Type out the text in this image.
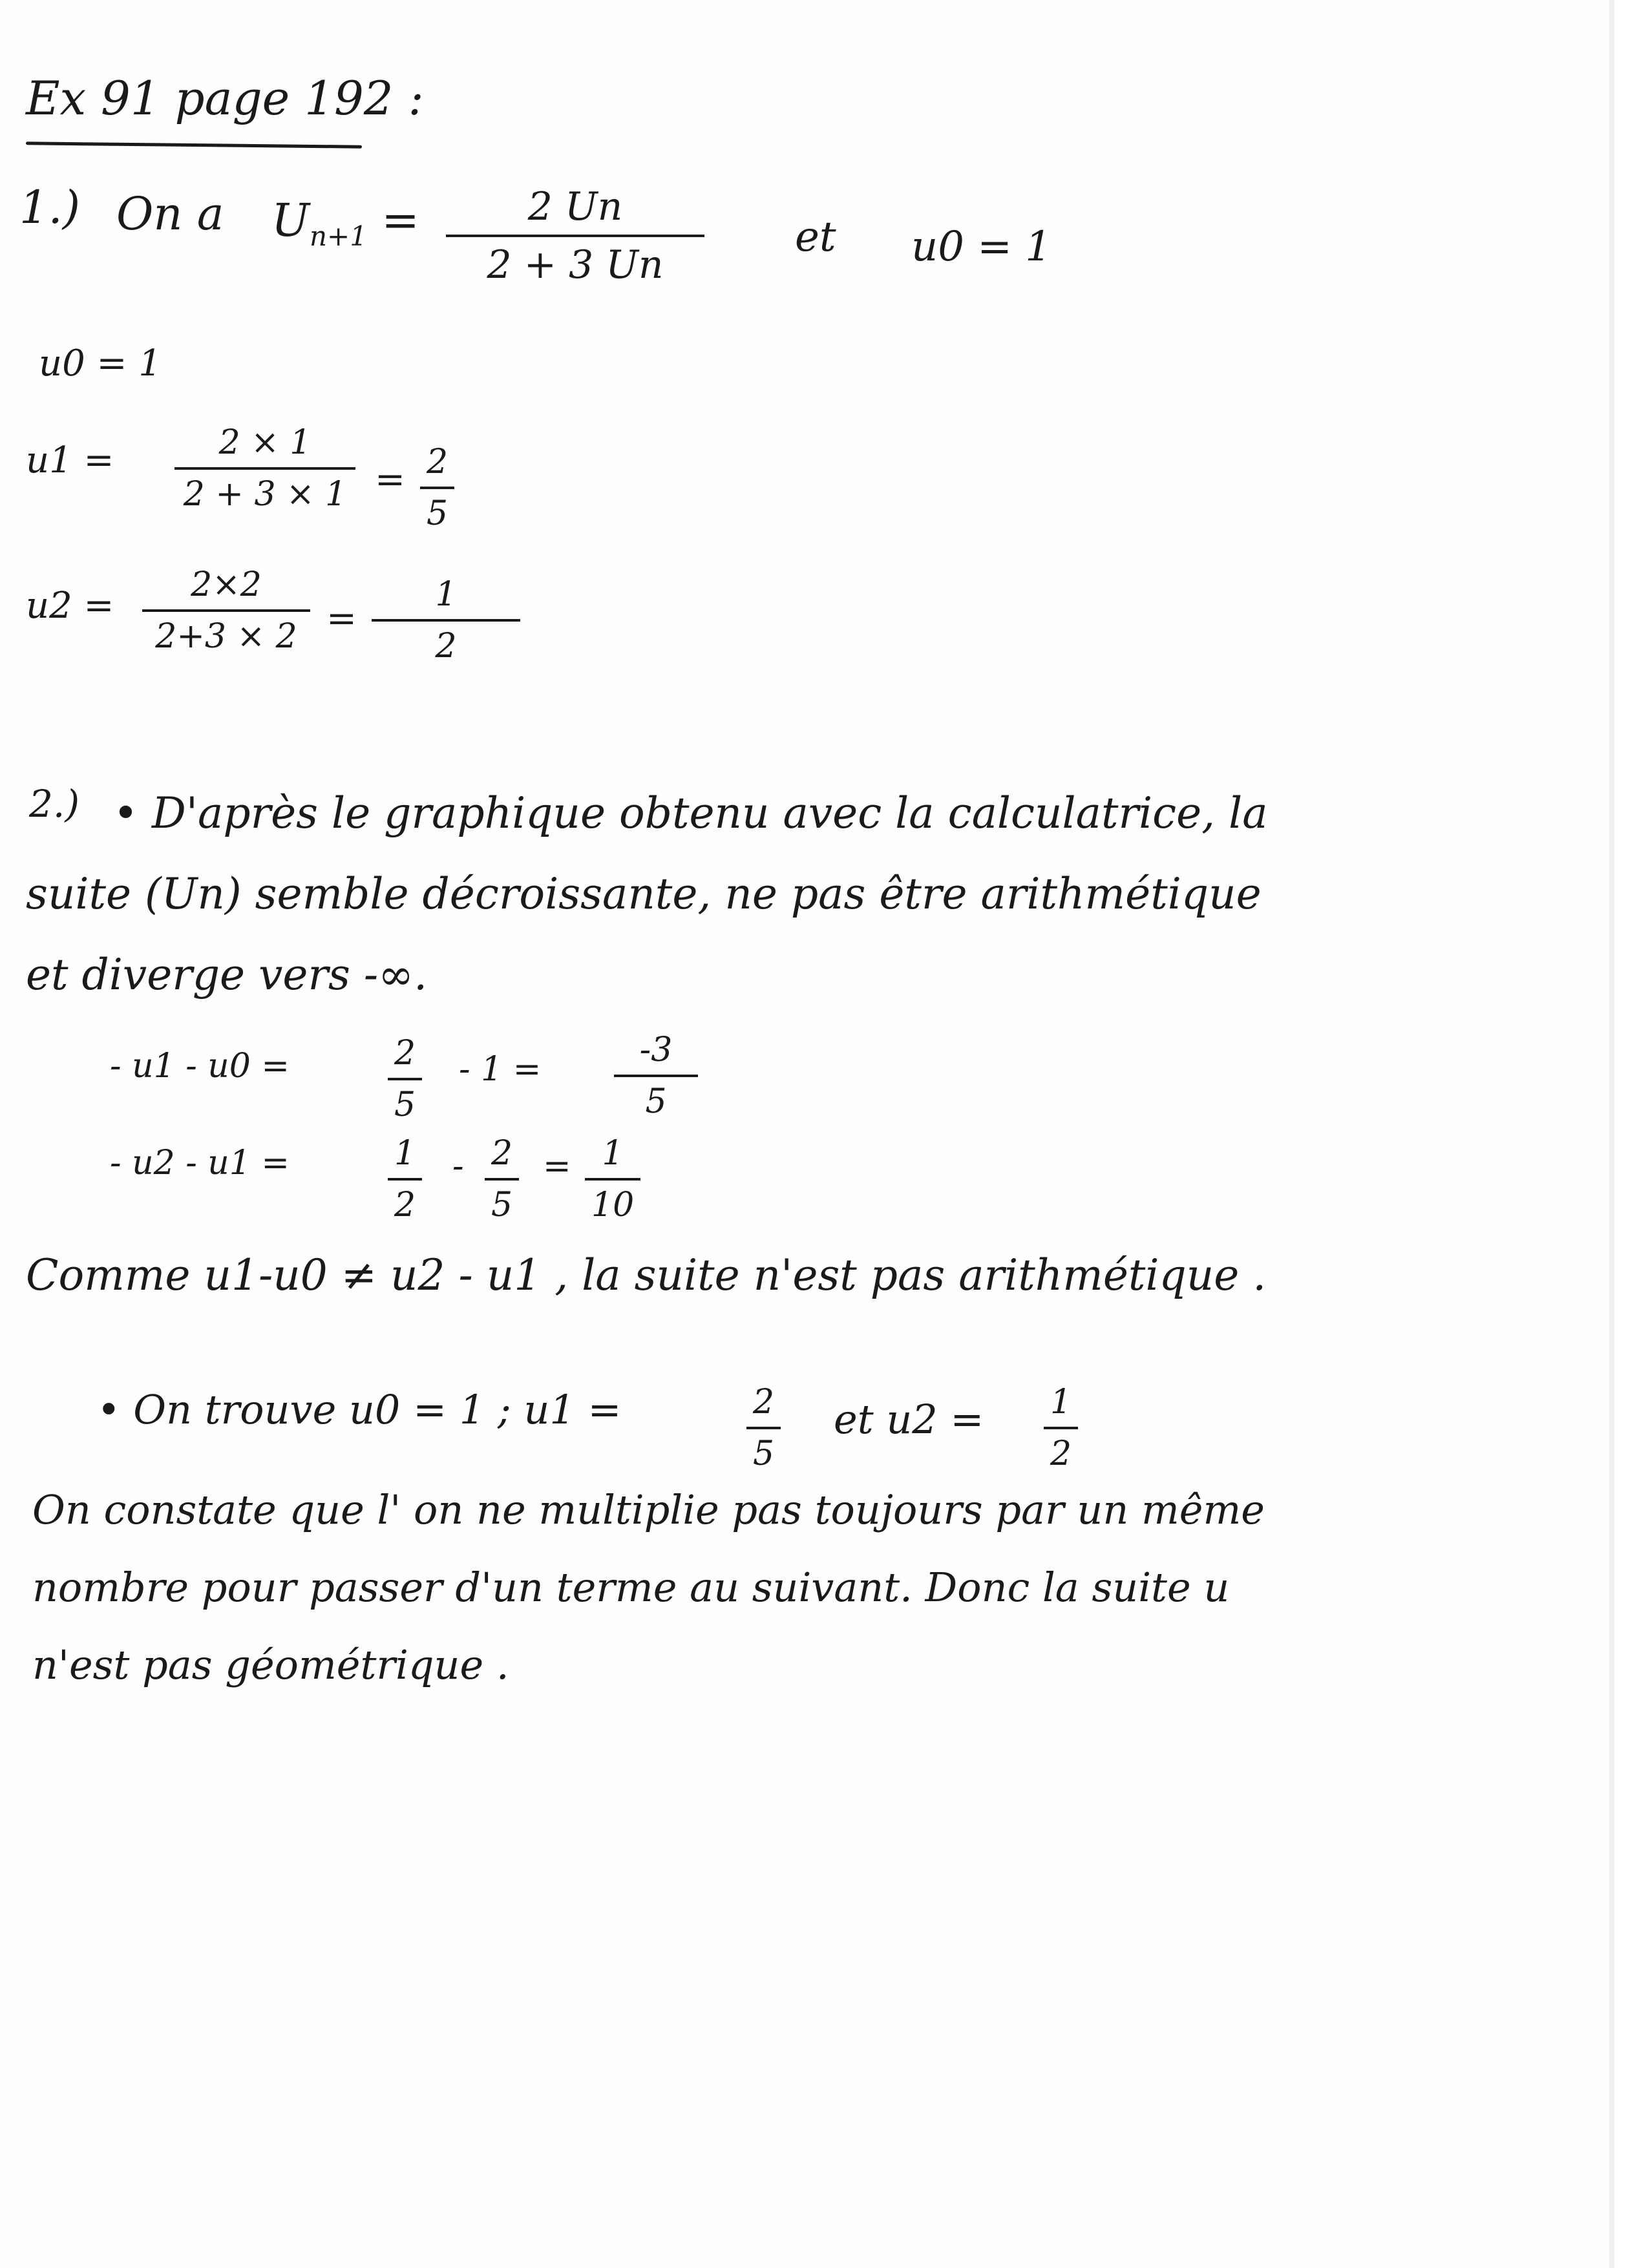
Ex 91 page 192 :
1.) On a $U_{n+1}$ =	2 Un
2 + 3 Un
et u0 = 1
u0 = 1
u1 =	2 × 1
2 + 3 × 1 = 2
5
u2 = 2×2
2+3 × 2 =
1
2
2.) • D'après le graphique obtenu avec la calculatrice, la
suite (Un) semble décroissante, ne pas être arithmétique
et diverge vers -∞.
- u1 - u0 =	2
5
- 1 =	-3
5
- u2 - u1 =	1
2
- 2
5
= 1
10
Comme u1-u0 ≠ u2 - u1 , la suite n'est pas arithmétique .
• On trouve u0 = 1 ; u1 =	2
5
et u2 = 1
2
On constate que l' on ne multiplie pas toujours par un même
nombre pour passer d'un terme au suivant. Donc la suite u
n'est pas géométrique .
